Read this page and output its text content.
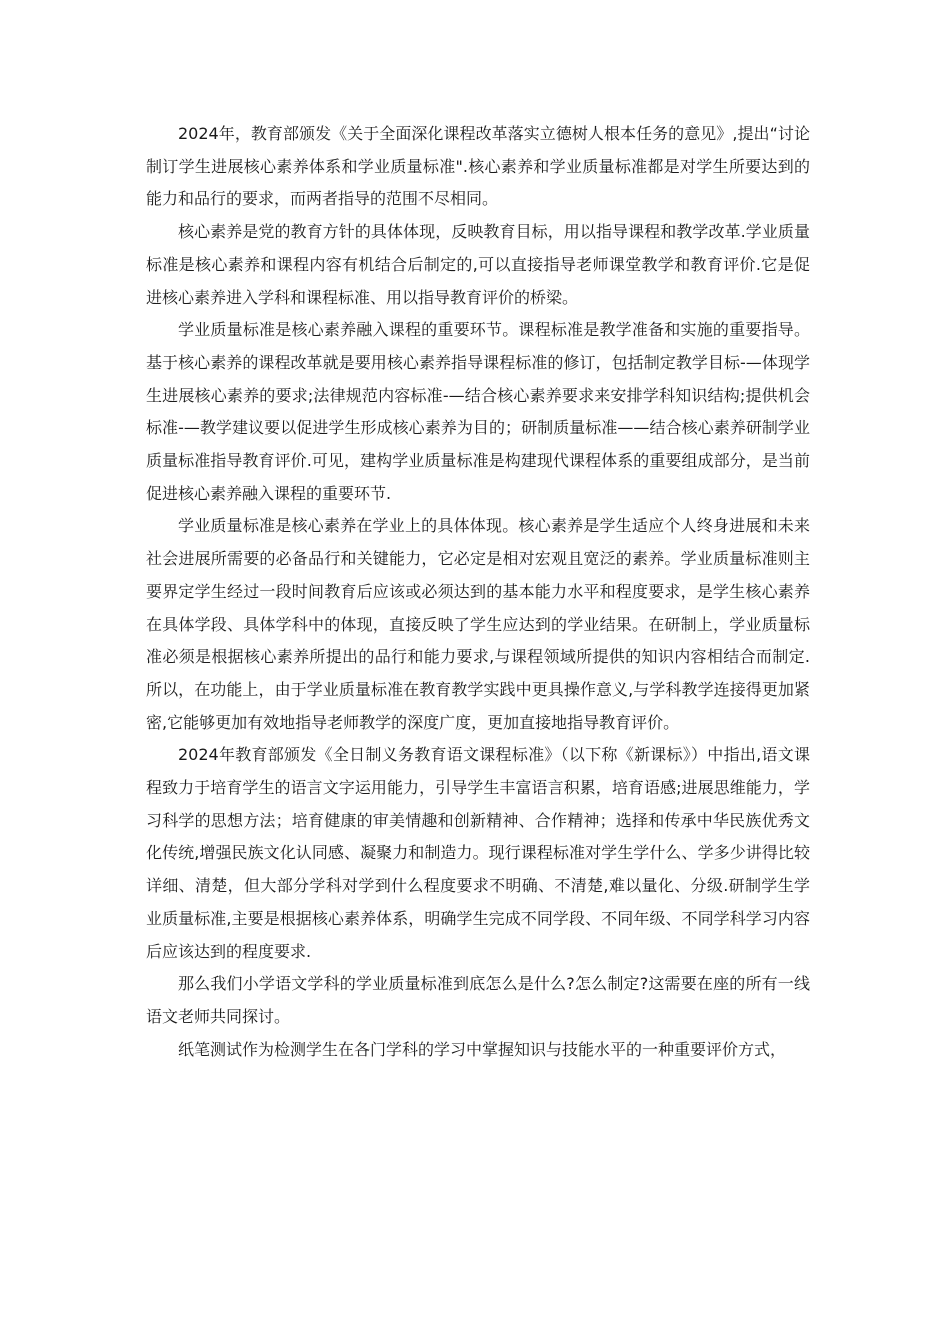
2024年，教育部颁发《关于全面深化课程改革落实立德树人根本任务的意见》,提出“讨论制订学生进展核心素养体系和学业质量标准".核心素养和学业质量标准都是对学生所要达到的能力和品行的要求，而两者指导的范围不尽相同。

核心素养是党的教育方针的具体体现，反映教育目标，用以指导课程和教学改革.学业质量标准是核心素养和课程内容有机结合后制定的,可以直接指导老师课堂教学和教育评价.它是促进核心素养进入学科和课程标准、用以指导教育评价的桥梁。

学业质量标准是核心素养融入课程的重要环节。课程标准是教学准备和实施的重要指导。基于核心素养的课程改革就是要用核心素养指导课程标准的修订，包括制定教学目标-—体现学生进展核心素养的要求;法律规范内容标准-—结合核心素养要求来安排学科知识结构;提供机会标准-—教学建议要以促进学生形成核心素养为目的；研制质量标准——结合核心素养研制学业质量标准指导教育评价.可见，建构学业质量标准是构建现代课程体系的重要组成部分，是当前促进核心素养融入课程的重要环节.

学业质量标准是核心素养在学业上的具体体现。核心素养是学生适应个人终身进展和未来社会进展所需要的必备品行和关键能力，它必定是相对宏观且宽泛的素养。学业质量标准则主要界定学生经过一段时间教育后应该或必须达到的基本能力水平和程度要求，是学生核心素养在具体学段、具体学科中的体现，直接反映了学生应达到的学业结果。在研制上，学业质量标准必须是根据核心素养所提出的品行和能力要求,与课程领域所提供的知识内容相结合而制定.所以，在功能上，由于学业质量标准在教育教学实践中更具操作意义,与学科教学连接得更加紧密,它能够更加有效地指导老师教学的深度广度，更加直接地指导教育评价。

2024年教育部颁发《全日制义务教育语文课程标准》（以下称《新课标》）中指出,语文课程致力于培育学生的语言文字运用能力，引导学生丰富语言积累，培育语感;进展思维能力，学习科学的思想方法；培育健康的审美情趣和创新精神、合作精神；选择和传承中华民族优秀文化传统,增强民族文化认同感、凝聚力和制造力。现行课程标准对学生学什么、学多少讲得比较详细、清楚，但大部分学科对学到什么程度要求不明确、不清楚,难以量化、分级.研制学生学业质量标准,主要是根据核心素养体系，明确学生完成不同学段、不同年级、不同学科学习内容后应该达到的程度要求.

那么我们小学语文学科的学业质量标准到底怎么是什么?怎么制定?这需要在座的所有一线语文老师共同探讨。

纸笔测试作为检测学生在各门学科的学习中掌握知识与技能水平的一种重要评价方式，
